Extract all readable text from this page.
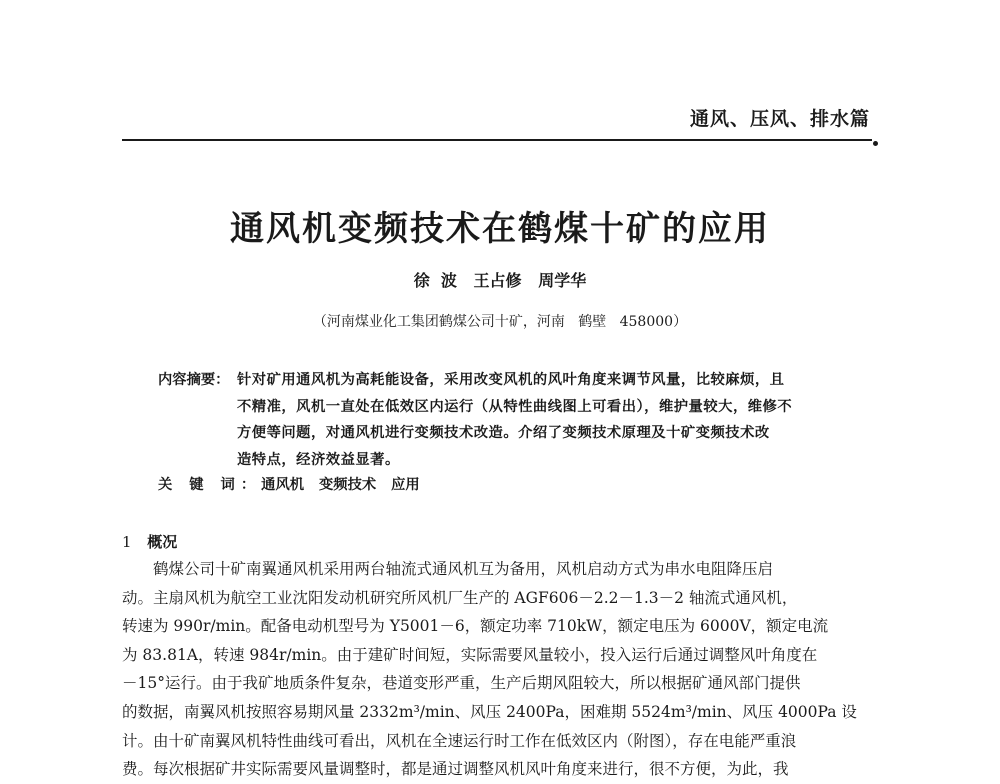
通风、压风、排水篇
通风机变频技术在鹤煤十矿的应用
徐  波   王占修   周学华
（河南煤业化工集团鹤煤公司十矿，河南   鹤壁   458000）
内容摘要： 针对矿用通风机为高耗能设备，采用改变风机的风叶角度来调节风量，比较麻烦，且
不精准，风机一直处在低效区内运行（从特性曲线图上可看出），维护量较大，维修不
方便等问题，对通风机进行变频技术改造。介绍了变频技术原理及十矿变频技术改
造特点，经济效益显著。
关 键 词：通风机   变频技术   应用
1 概况
鹤煤公司十矿南翼通风机采用两台轴流式通风机互为备用，风机启动方式为串水电阻降压启
动。主扇风机为航空工业沈阳发动机研究所风机厂生产的 AGF606－2.2－1.3－2 轴流式通风机，
转速为 990r/min。配备电动机型号为 Y5001－6，额定功率 710kW，额定电压为 6000V，额定电流
为 83.81A，转速 984r/min。由于建矿时间短，实际需要风量较小，投入运行后通过调整风叶角度在
－15°运行。由于我矿地质条件复杂，巷道变形严重，生产后期风阻较大，所以根据矿通风部门提供
的数据，南翼风机按照容易期风量 2332m³/min、风压 2400Pa，困难期 5524m³/min、风压 4000Pa 设
计。由十矿南翼风机特性曲线可看出，风机在全速运行时工作在低效区内（附图），存在电能严重浪
费。每次根据矿井实际需要风量调整时，都是通过调整风机风叶角度来进行，很不方便，为此，我
